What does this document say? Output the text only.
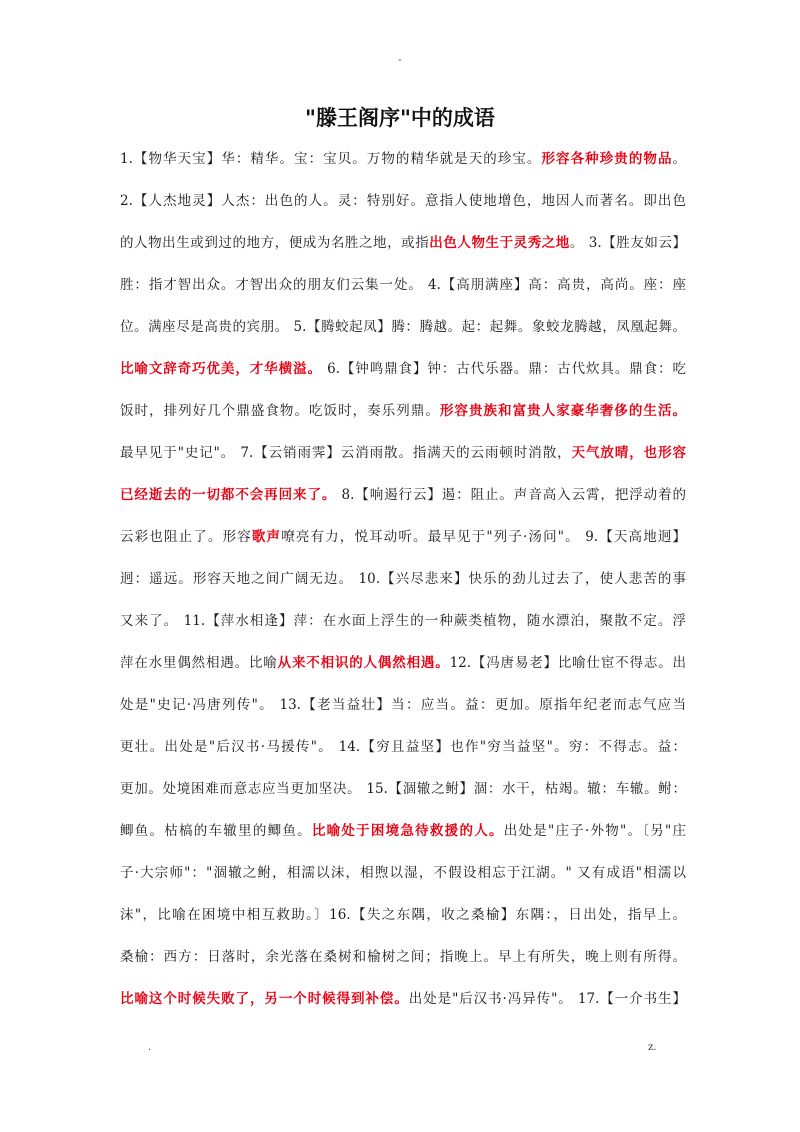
-
"滕王阁序"中的成语
1.【物华天宝】华：精华。宝：宝贝。万物的精华就是天的珍宝。形容各种珍贵的物品。
2.【人杰地灵】人杰：出色的人。灵：特别好。意指人使地增色，地因人而著名。即出色
的人物出生或到过的地方，便成为名胜之地，或指出色人物生于灵秀之地。 3.【胜友如云】
胜：指才智出众。才智出众的朋友们云集一处。 4.【高朋满座】高：高贵，高尚。座：座
位。满座尽是高贵的宾朋。 5.【腾蛟起凤】腾：腾越。起：起舞。象蛟龙腾越，凤凰起舞。
比喻文辞奇巧优美，才华横溢。 6.【钟鸣鼎食】钟：古代乐器。鼎：古代炊具。鼎食：吃
饭时，排列好几个鼎盛食物。吃饭时，奏乐列鼎。形容贵族和富贵人家豪华奢侈的生活。
最早见于"史记"。 7.【云销雨霁】云消雨散。指满天的云雨顿时消散，天气放晴，也形容
已经逝去的一切都不会再回来了。 8.【响遏行云】遏：阻止。声音高入云霄，把浮动着的
云彩也阻止了。形容歌声嘹亮有力，悦耳动听。最早见于"列子·汤问"。 9.【天高地迥】
迥：遥远。形容天地之间广阔无边。 10.【兴尽悲来】快乐的劲儿过去了，使人悲苦的事
又来了。 11.【萍水相逢】萍：在水面上浮生的一种蕨类植物，随水漂泊，聚散不定。浮
萍在水里偶然相遇。比喻从来不相识的人偶然相遇。12.【冯唐易老】比喻仕宦不得志。出
处是"史记·冯唐列传"。 13.【老当益壮】当：应当。益：更加。原指年纪老而志气应当
更壮。出处是"后汉书·马援传"。 14.【穷且益坚】也作"穷当益坚"。穷：不得志。益：
更加。处境困难而意志应当更加坚决。 15.【涸辙之鲋】涸：水干，枯竭。辙：车辙。鲋：
鲫鱼。枯槁的车辙里的鲫鱼。比喻处于困境急待救援的人。出处是"庄子·外物"。〔另"庄
子·大宗师"："涸辙之鲋，相濡以沫，相煦以湿，不假设相忘于江湖。" 又有成语"相濡以
沫"，比喻在困境中相互救助。〕16.【失之东隅，收之桑榆】东隅：，日出处，指早上。
桑榆：西方：日落时，余光落在桑树和榆树之间；指晚上。早上有所失，晚上则有所得。
比喻这个时候失败了，另一个时候得到补偿。出处是"后汉书·冯异传"。 17.【一介书生】
.	z.
